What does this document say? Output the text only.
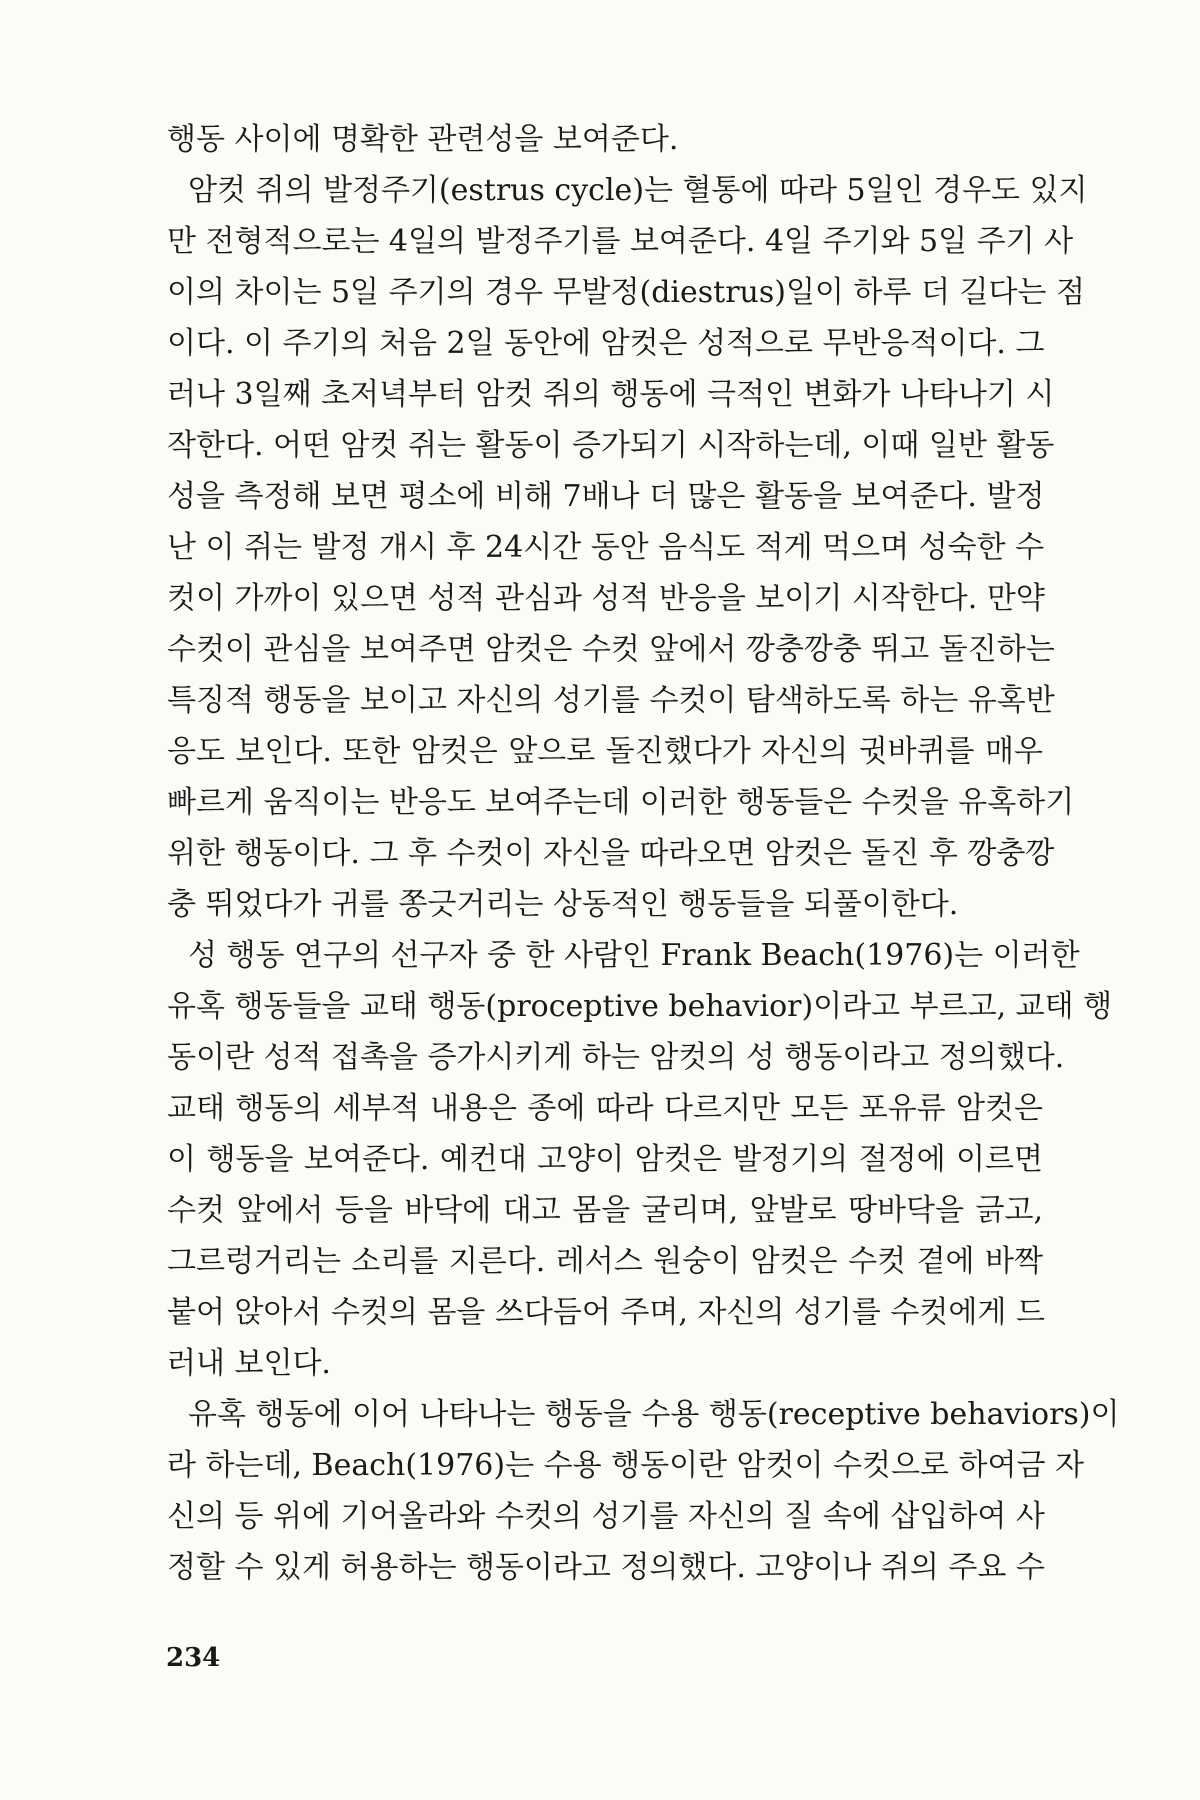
행동 사이에 명확한 관련성을 보여준다.
암컷 쥐의 발정주기(estrus cycle)는 혈통에 따라 5일인 경우도 있지
만 전형적으로는 4일의 발정주기를 보여준다. 4일 주기와 5일 주기 사
이의 차이는 5일 주기의 경우 무발정(diestrus)일이 하루 더 길다는 점
이다. 이 주기의 처음 2일 동안에 암컷은 성적으로 무반응적이다. 그
러나 3일째 초저녁부터 암컷 쥐의 행동에 극적인 변화가 나타나기 시
작한다. 어떤 암컷 쥐는 활동이 증가되기 시작하는데, 이때 일반 활동
성을 측정해 보면 평소에 비해 7배나 더 많은 활동을 보여준다. 발정
난 이 쥐는 발정 개시 후 24시간 동안 음식도 적게 먹으며 성숙한 수
컷이 가까이 있으면 성적 관심과 성적 반응을 보이기 시작한다. 만약
수컷이 관심을 보여주면 암컷은 수컷 앞에서 깡충깡충 뛰고 돌진하는
특징적 행동을 보이고 자신의 성기를 수컷이 탐색하도록 하는 유혹반
응도 보인다. 또한 암컷은 앞으로 돌진했다가 자신의 귓바퀴를 매우
빠르게 움직이는 반응도 보여주는데 이러한 행동들은 수컷을 유혹하기
위한 행동이다. 그 후 수컷이 자신을 따라오면 암컷은 돌진 후 깡충깡
충 뛰었다가 귀를 쫑긋거리는 상동적인 행동들을 되풀이한다.
성 행동 연구의 선구자 중 한 사람인 Frank Beach(1976)는 이러한
유혹 행동들을 교태 행동(proceptive behavior)이라고 부르고, 교태 행
동이란 성적 접촉을 증가시키게 하는 암컷의 성 행동이라고 정의했다.
교태 행동의 세부적 내용은 종에 따라 다르지만 모든 포유류 암컷은
이 행동을 보여준다. 예컨대 고양이 암컷은 발정기의 절정에 이르면
수컷 앞에서 등을 바닥에 대고 몸을 굴리며, 앞발로 땅바닥을 긁고,
그르렁거리는 소리를 지른다. 레서스 원숭이 암컷은 수컷 곁에 바짝
붙어 앉아서 수컷의 몸을 쓰다듬어 주며, 자신의 성기를 수컷에게 드
러내 보인다.
유혹 행동에 이어 나타나는 행동을 수용 행동(receptive behaviors)이
라 하는데, Beach(1976)는 수용 행동이란 암컷이 수컷으로 하여금 자
신의 등 위에 기어올라와 수컷의 성기를 자신의 질 속에 삽입하여 사
정할 수 있게 허용하는 행동이라고 정의했다. 고양이나 쥐의 주요 수
234
